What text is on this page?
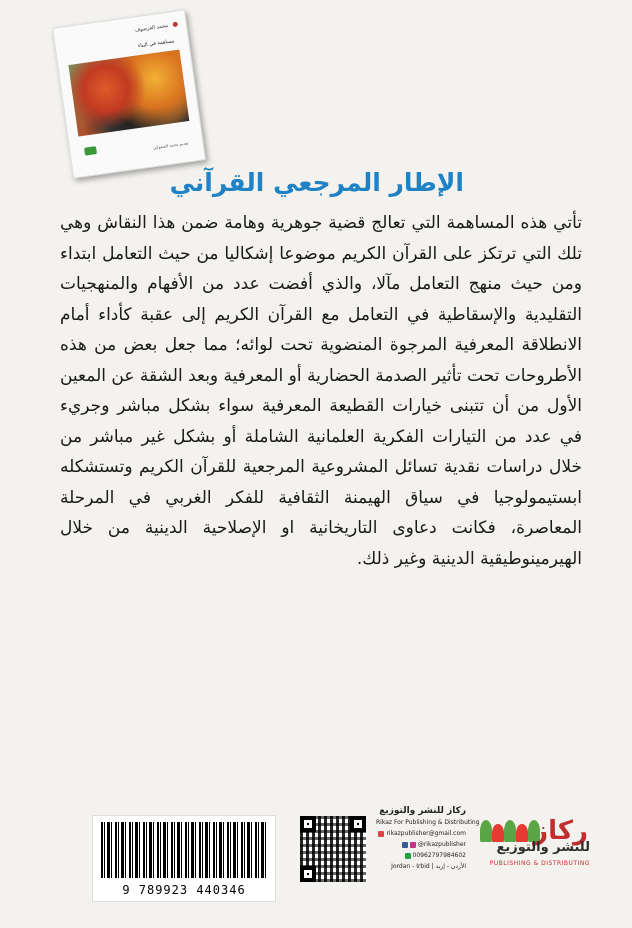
محمد الغرضوف
مساهمة في البناء
تقديم محمد الغنفوكي
الإطار المرجعي القرآني

تأتي هذه المساهمة التي تعالج قضية جوهرية وهامة ضمن هذا النقاش وهي تلك التي ترتكز على القرآن الكريم موضوعا إشكاليا من حيث التعامل ابتداء ومن حيث منهج التعامل مآلا، والذي أفضت عدد من الأفهام والمنهجيات التقليدية والإسقاطية في التعامل مع القرآن الكريم إلى عقبة كأداء أمام الانطلاقة المعرفية المرجوة المنضوية تحت لوائه؛ مما جعل بعض من هذه الأطروحات تحت تأثير الصدمة الحضارية أو المعرفية وبعد الشقة عن المعين الأول من أن تتبنى خيارات القطيعة المعرفية سواء بشكل مباشر وجريء في عدد من التيارات الفكرية العلمانية الشاملة أو بشكل غير مباشر من خلال دراسات نقدية تسائل المشروعية المرجعية للقرآن الكريم وتستشكله ابستيمولوجيا في سياق الهيمنة الثقافية للفكر الغربي في المرحلة المعاصرة، فكانت دعاوى التاريخانية او الإصلاحية الدينية من خلال الهيرمينوطيقية الدينية وغير ذلك.

ركاز
للنشر والتوزيع
PUBLISHING & DISTRIBUTING
ركاز للنشر والتوزيع
Rikaz For Publishing & Distributing
rikazpublisher@gmail.com
@rikazpublisher
00962797984602
Jordan - Irbid | الأردن - إربد
9 789923 440346
